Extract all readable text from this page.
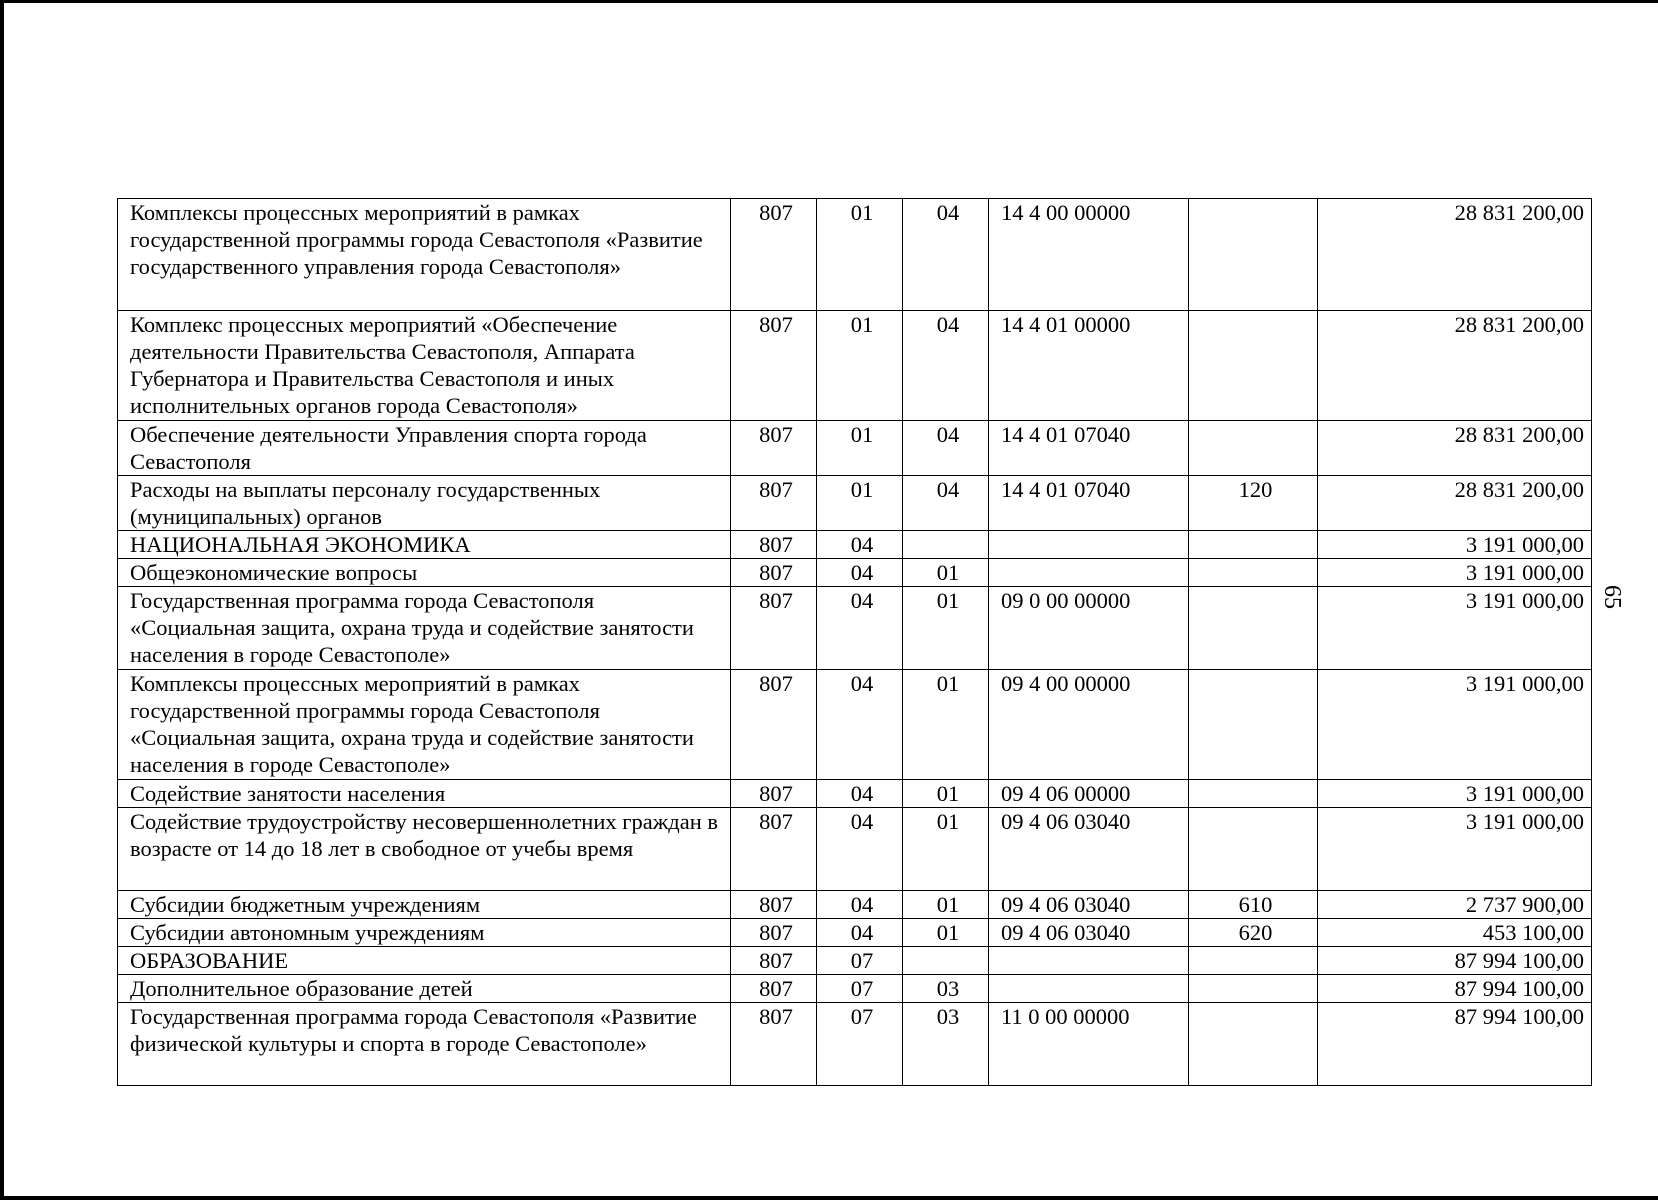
65
Комплексы процессных мероприятий в рамках государственной программы города Севастополя «Развитие государственного управления города Севастополя»	807	01	04	14 4 00 00000		28 831 200,00
Комплекс процессных мероприятий «Обеспечение деятельности Правительства Севастополя, Аппарата Губернатора и Правительства Севастополя и иных исполнительных органов города Севастополя»	807	01	04	14 4 01 00000		28 831 200,00
Обеспечение деятельности Управления спорта города Севастополя	807	01	04	14 4 01 07040		28 831 200,00
Расходы на выплаты персоналу государственных (муниципальных) органов	807	01	04	14 4 01 07040	120	28 831 200,00
НАЦИОНАЛЬНАЯ ЭКОНОМИКА	807	04				3 191 000,00
Общеэкономические вопросы	807	04	01			3 191 000,00
Государственная программа города Севастополя «Социальная защита, охрана труда и содействие занятости населения в городе Севастополе»	807	04	01	09 0 00 00000		3 191 000,00
Комплексы процессных мероприятий в рамках государственной программы города Севастополя «Социальная защита, охрана труда и содействие занятости населения в городе Севастополе»	807	04	01	09 4 00 00000		3 191 000,00
Содействие занятости населения	807	04	01	09 4 06 00000		3 191 000,00
Содействие трудоустройству несовершеннолетних граждан в возрасте от 14 до 18 лет в свободное от учебы время	807	04	01	09 4 06 03040		3 191 000,00
Субсидии бюджетным учреждениям	807	04	01	09 4 06 03040	610	2 737 900,00
Субсидии автономным учреждениям	807	04	01	09 4 06 03040	620	453 100,00
ОБРАЗОВАНИЕ	807	07				87 994 100,00
Дополнительное образование детей	807	07	03			87 994 100,00
Государственная программа города Севастополя «Развитие физической культуры и спорта в городе Севастополе»	807	07	03	11 0 00 00000		87 994 100,00
